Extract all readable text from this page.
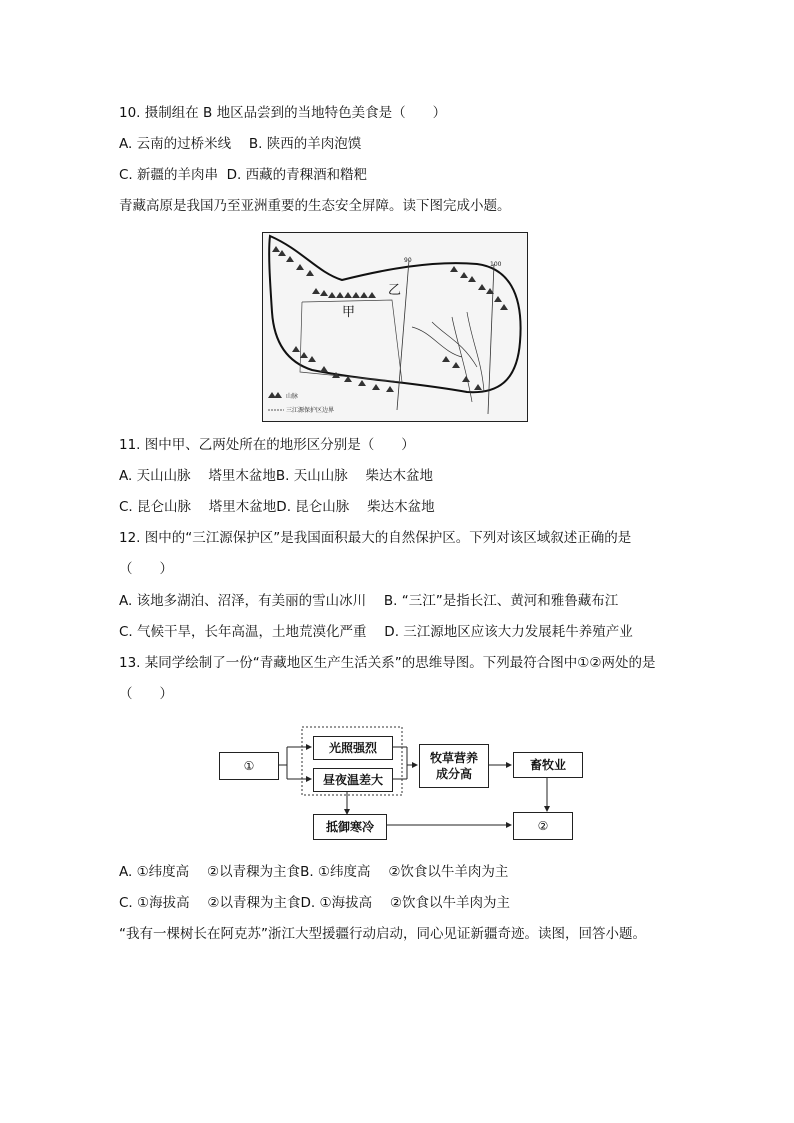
10. 摄制组在 B 地区品尝到的当地特色美食是（　　）
A. 云南的过桥米线　 B. 陕西的羊肉泡馍
C. 新疆的羊肉串  D. 西藏的青稞酒和糌粑
青藏高原是我国乃至亚洲重要的生态安全屏障。读下图完成小题。
90
100
甲
乙
山脉
三江源保护区边界
11. 图中甲、乙两处所在的地形区分别是（　　）
A. 天山山脉　 塔里木盆地B. 天山山脉　 柴达木盆地
C. 昆仑山脉　 塔里木盆地D. 昆仑山脉　 柴达木盆地
12. 图中的“三江源保护区”是我国面积最大的自然保护区。下列对该区域叙述正确的是
（　　）
A. 该地多湖泊、沼泽，有美丽的雪山冰川　 B. “三江”是指长江、黄河和雅鲁藏布江
C. 气候干旱，长年高温，土地荒漠化严重　 D. 三江源地区应该大力发展耗牛养殖产业
13. 某同学绘制了一份“青藏地区生产生活关系”的思维导图。下列最符合图中①②两处的是
（　　）
①
光照强烈
昼夜温差大
牧草营养
成分高
畜牧业
抵御寒冷	②
A. ①纬度高　 ②以青稞为主食B. ①纬度高　 ②饮食以牛羊肉为主
C. ①海拔高　 ②以青稞为主食D. ①海拔高　 ②饮食以牛羊肉为主
“我有一棵树长在阿克苏”浙江大型援疆行动启动，同心见证新疆奇迹。读图，回答小题。
